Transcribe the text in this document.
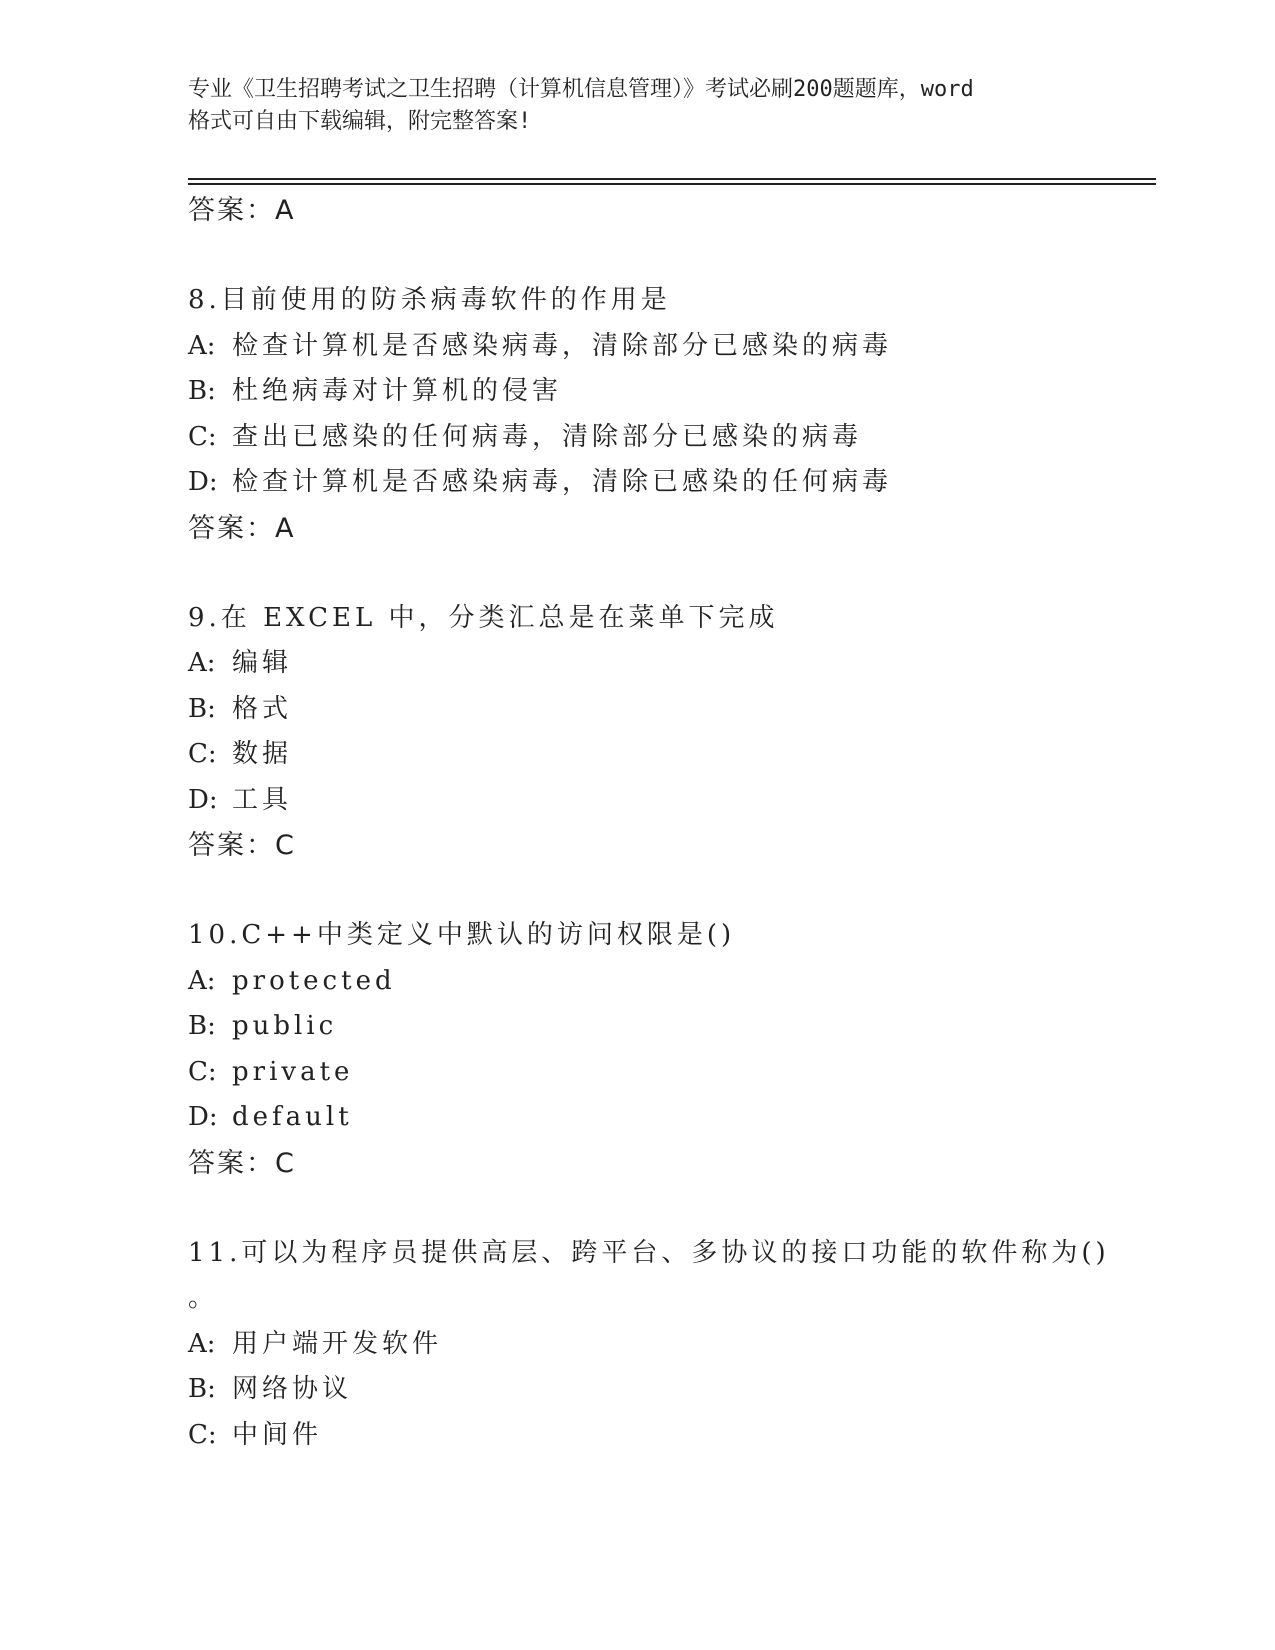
专业《卫生招聘考试之卫生招聘（计算机信息管理）》考试必刷200题题库，word
格式可自由下载编辑，附完整答案!
答案：A
8.目前使用的防杀病毒软件的作用是
A: 检查计算机是否感染病毒，清除部分已感染的病毒
B: 杜绝病毒对计算机的侵害
C: 查出已感染的任何病毒，清除部分已感染的病毒
D: 检查计算机是否感染病毒，清除已感染的任何病毒
答案：A
9.在 EXCEL 中，分类汇总是在菜单下完成
A: 编辑
B: 格式
C: 数据
D: 工具
答案：C
10.C++中类定义中默认的访问权限是()
A: protected
B: public
C: private
D: default
答案：C
11.可以为程序员提供高层、跨平台、多协议的接口功能的软件称为()
。
A: 用户端开发软件
B: 网络协议
C: 中间件
